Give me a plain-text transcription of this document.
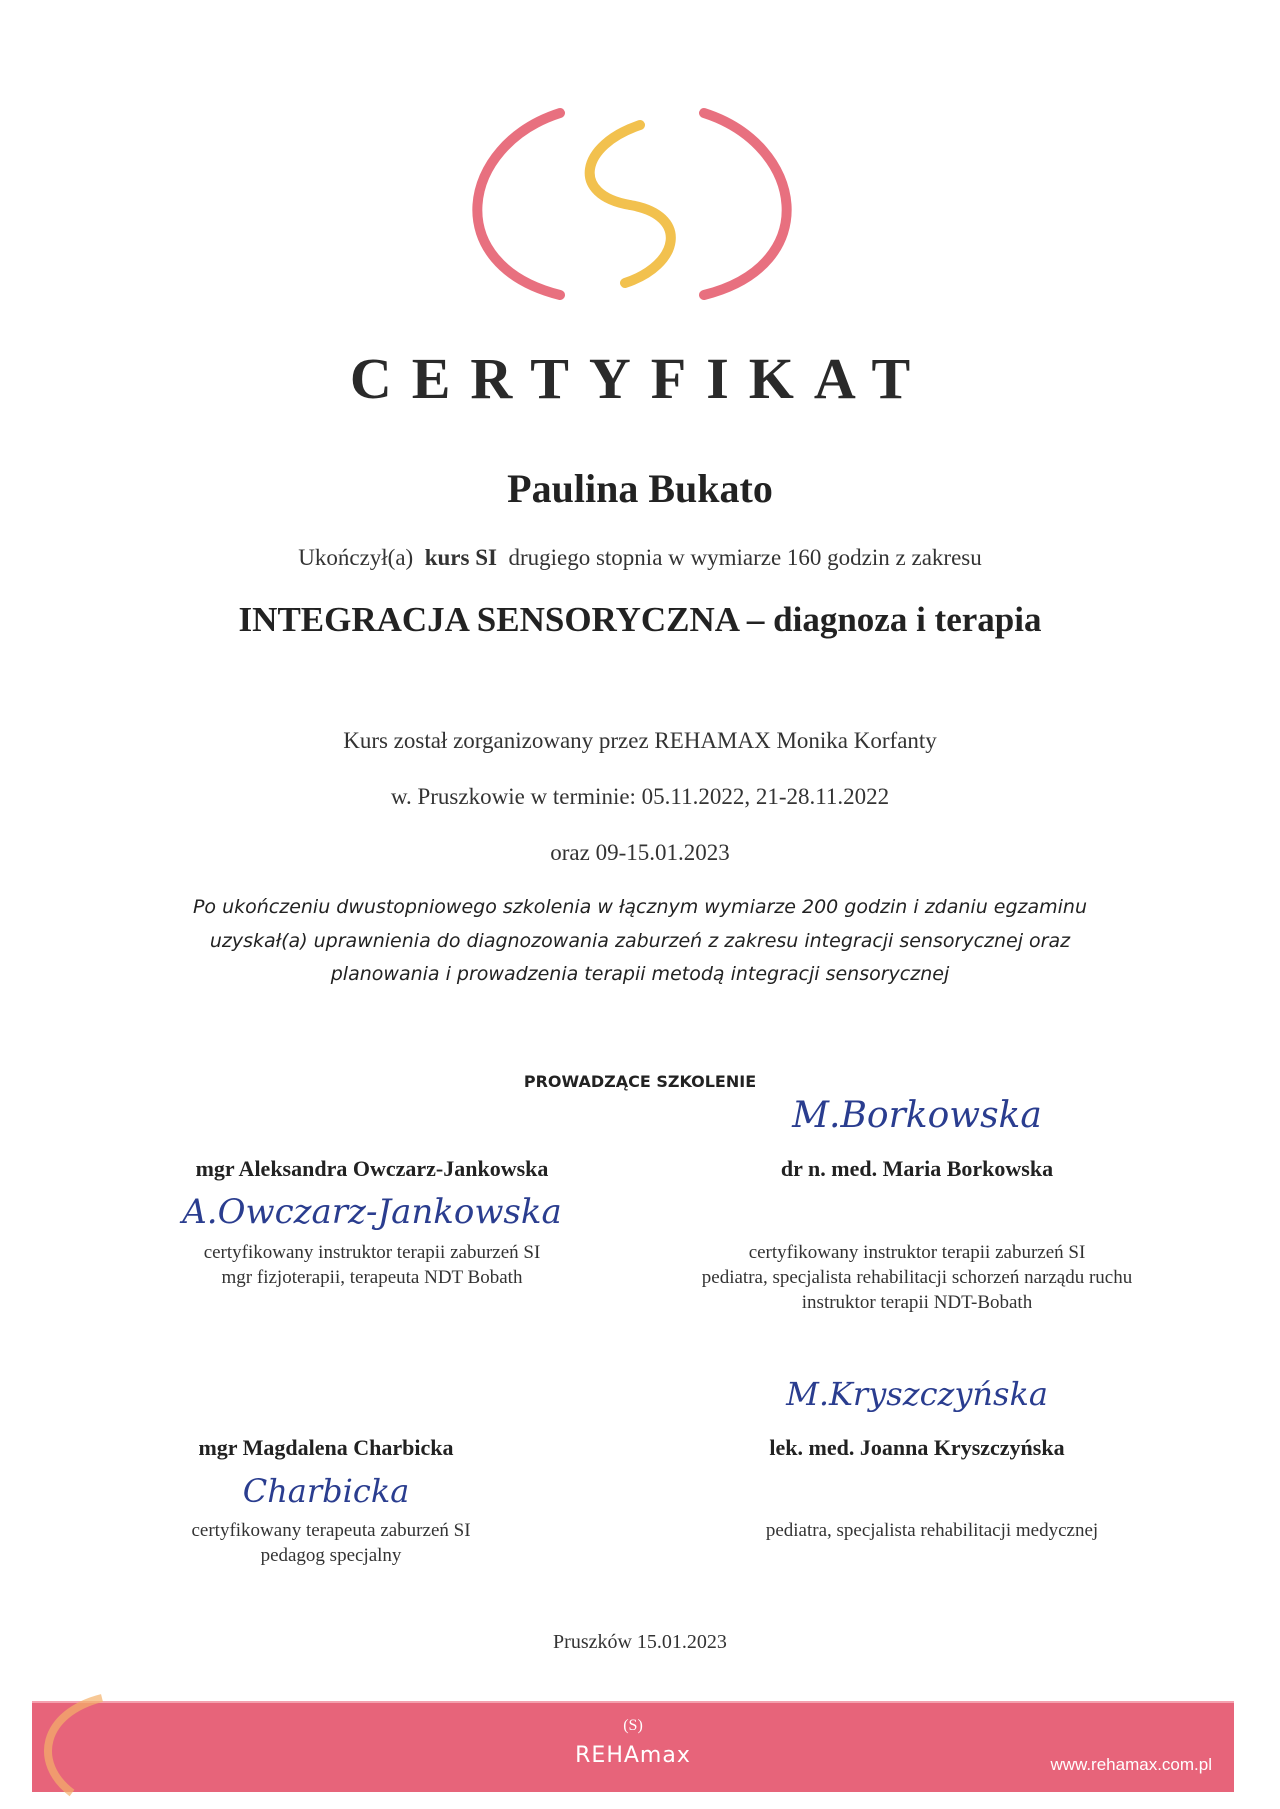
CERTYFIKAT
Paulina Bukato
Ukończył(a) kurs SI drugiego stopnia w wymiarze 160 godzin z zakresu
INTEGRACJA SENSORYCZNA – diagnoza i terapia
Kurs został zorganizowany przez REHAMAX Monika Korfanty
w. Pruszkowie w terminie: 05.11.2022, 21-28.11.2022
oraz 09-15.01.2023
Po ukończeniu dwustopniowego szkolenia w łącznym wymiarze 200 godzin i zdaniu egzaminu
uzyskał(a) uprawnienia do diagnozowania zaburzeń z zakresu integracji sensorycznej oraz
planowania i prowadzenia terapii metodą integracji sensorycznej
PROWADZĄCE SZKOLENIE
M.Borkowska
mgr Aleksandra Owczarz-Jankowska	dr n. med. Maria Borkowska
A.Owczarz-Jankowska
certyfikowany instruktor terapii zaburzeń SI
mgr fizjoterapii, terapeuta NDT Bobath
certyfikowany instruktor terapii zaburzeń SI
pediatra, specjalista rehabilitacji schorzeń narządu ruchu
instruktor terapii NDT-Bobath
M.Kryszczyńska
mgr Magdalena Charbicka	lek. med. Joanna Kryszczyńska
Charbicka
certyfikowany terapeuta zaburzeń SI
pedagog specjalny
pediatra, specjalista rehabilitacji medycznej
Pruszków 15.01.2023
(S)
REHAmax	www.rehamax.com.pl
